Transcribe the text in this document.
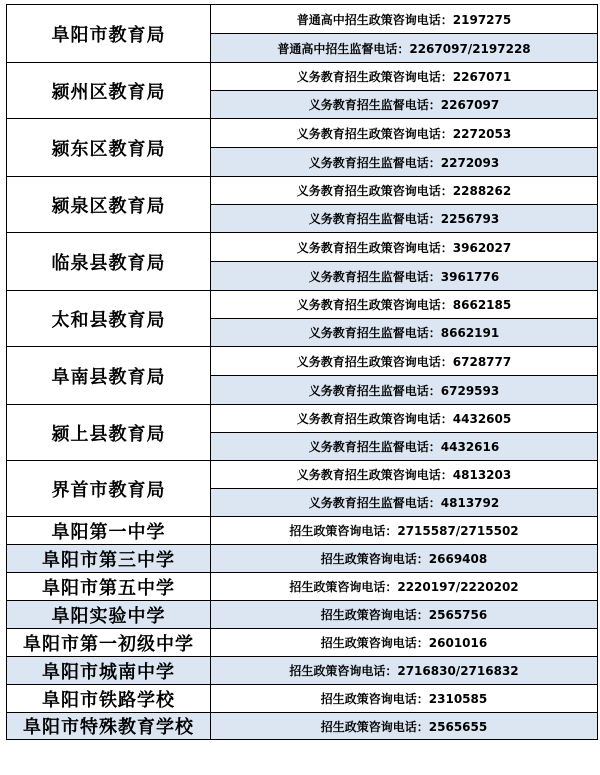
阜阳市教育局	普通高中招生政策咨询电话：2197275
	普通高中招生监督电话：2267097/2197228
颍州区教育局	义务教育招生政策咨询电话：2267071
	义务教育招生监督电话：2267097
颍东区教育局	义务教育招生政策咨询电话：2272053
	义务教育招生监督电话：2272093
颍泉区教育局	义务教育招生政策咨询电话：2288262
	义务教育招生监督电话：2256793
临泉县教育局	义务教育招生政策咨询电话：3962027
	义务教育招生监督电话：3961776
太和县教育局	义务教育招生政策咨询电话：8662185
	义务教育招生监督电话：8662191
阜南县教育局	义务教育招生政策咨询电话：6728777
	义务教育招生监督电话：6729593
颍上县教育局	义务教育招生政策咨询电话：4432605
	义务教育招生监督电话：4432616
界首市教育局	义务教育招生政策咨询电话：4813203
	义务教育招生监督电话：4813792
阜阳第一中学	招生政策咨询电话：2715587/2715502
阜阳市第三中学	招生政策咨询电话：2669408
阜阳市第五中学	招生政策咨询电话：2220197/2220202
阜阳实验中学	招生政策咨询电话：2565756
阜阳市第一初级中学	招生政策咨询电话：2601016
阜阳市城南中学	招生政策咨询电话：2716830/2716832
阜阳市铁路学校	招生政策咨询电话：2310585
阜阳市特殊教育学校	招生政策咨询电话：2565655
